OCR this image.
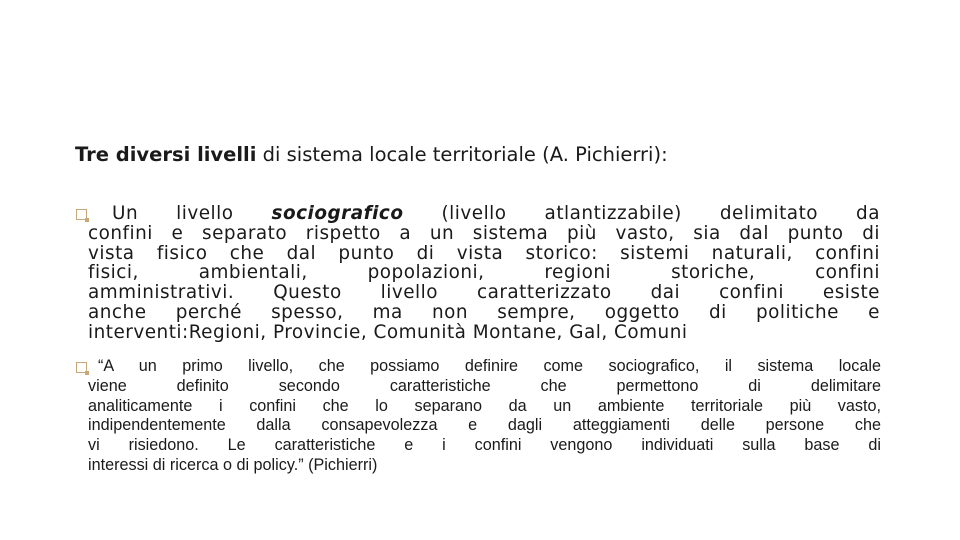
Tre diversi livelli di sistema locale territoriale (A. Pichierri):
Un livello sociografico (livello atlantizzabile) delimitato da
confini e separato rispetto a un sistema più vasto, sia dal punto di
vista fisico che dal punto di vista storico: sistemi naturali, confini
fisici, ambientali, popolazioni, regioni storiche, confini
amministrativi. Questo livello caratterizzato dai confini esiste
anche perché spesso, ma non sempre, oggetto di politiche e
interventi:Regioni, Provincie, Comunità Montane, Gal, Comuni
“A un primo livello, che possiamo definire come sociografico, il sistema locale
viene definito secondo caratteristiche che permettono di delimitare
analiticamente i confini che lo separano da un ambiente territoriale più vasto,
indipendentemente dalla consapevolezza e dagli atteggiamenti delle persone che
vi risiedono. Le caratteristiche e i confini vengono individuati sulla base di
interessi di ricerca o di policy.” (Pichierri)
